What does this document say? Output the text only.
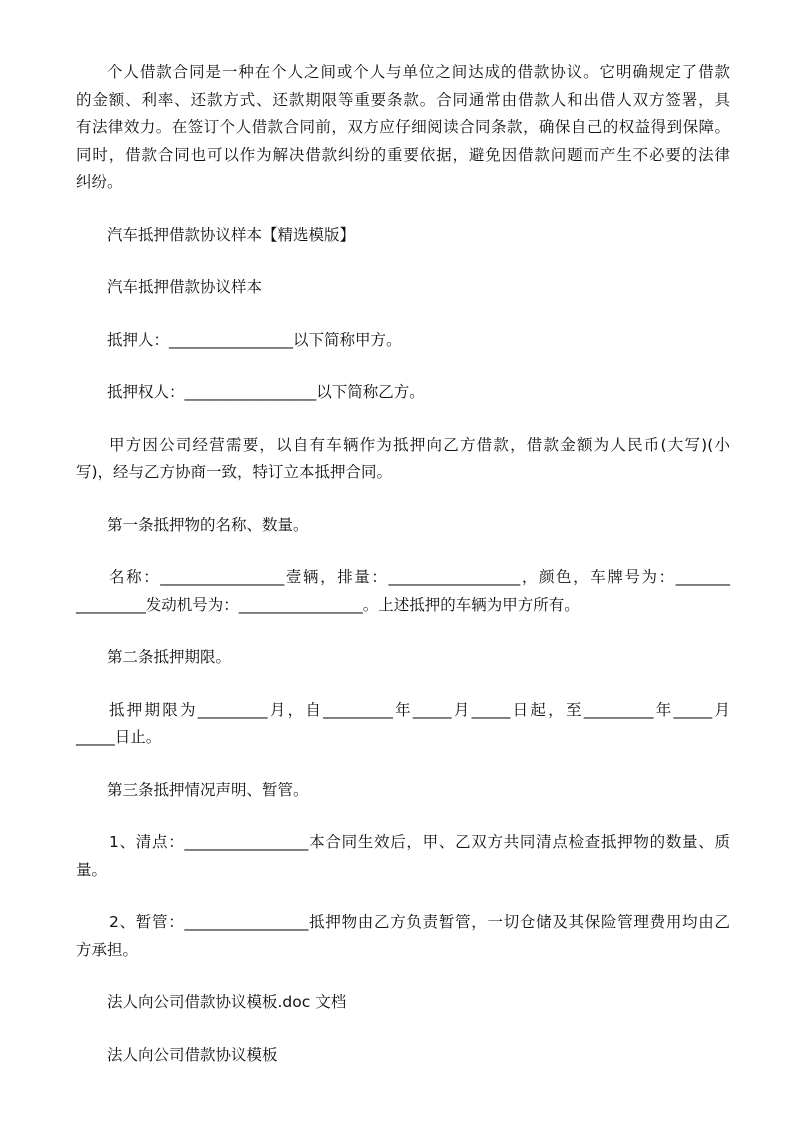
个人借款合同是一种在个人之间或个人与单位之间达成的借款协议。它明确规定了借款
的金额、利率、还款方式、还款期限等重要条款。合同通常由借款人和出借人双方签署，具
有法律效力。在签订个人借款合同前，双方应仔细阅读合同条款，确保自己的权益得到保障。
同时，借款合同也可以作为解决借款纠纷的重要依据，避免因借款问题而产生不必要的法律
纠纷。
汽车抵押借款协议样本【精选模版】
汽车抵押借款协议样本
抵押人：________________以下简称甲方。
抵押权人：_________________以下简称乙方。
甲方因公司经营需要，以自有车辆作为抵押向乙方借款，借款金额为人民币(大写)(小
写)，经与乙方协商一致，特订立本抵押合同。
第一条抵押物的名称、数量。
名称：________________壹辆，排量：_________________，颜色，车牌号为：_______
_________发动机号为：________________。上述抵押的车辆为甲方所有。
第二条抵押期限。
抵押期限为_________月，自_________年_____月_____日起，至_________年_____月
_____日止。
第三条抵押情况声明、暂管。
1、清点：________________本合同生效后，甲、乙双方共同清点检查抵押物的数量、质
量。
2、暂管：________________抵押物由乙方负责暂管，一切仓储及其保险管理费用均由乙
方承担。
法人向公司借款协议模板.doc 文档
法人向公司借款协议模板
